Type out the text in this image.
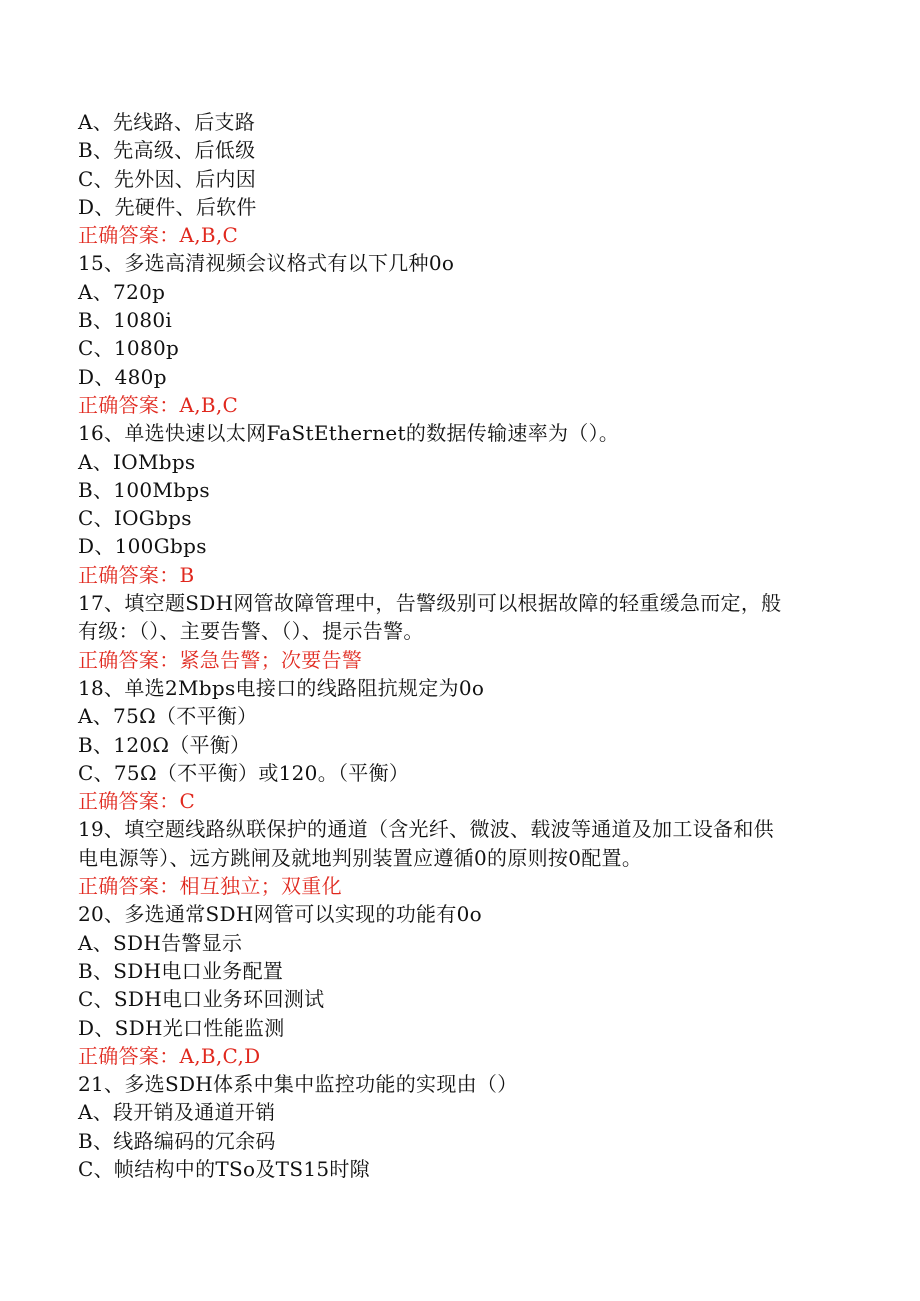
A、先线路、后支路
B、先高级、后低级
C、先外因、后内因
D、先硬件、后软件
正确答案：A,B,C
15、多选高清视频会议格式有以下几种0o
A、720p
B、1080i
C、1080p
D、480p
正确答案：A,B,C
16、单选快速以太网FaStEthernet的数据传输速率为（）。
A、IOMbps
B、100Mbps
C、IOGbps
D、100Gbps
正确答案：B
17、填空题SDH网管故障管理中，告警级别可以根据故障的轻重缓急而定，般
有级：（）、主要告警、（）、提示告警。
正确答案：紧急告警；次要告警
18、单选2Mbps电接口的线路阻抗规定为0o
A、75Ω（不平衡）
B、120Ω（平衡）
C、75Ω（不平衡）或120。（平衡）
正确答案：C
19、填空题线路纵联保护的通道（含光纤、微波、载波等通道及加工设备和供
电电源等）、远方跳闸及就地判别装置应遵循0的原则按0配置。
正确答案：相互独立；双重化
20、多选通常SDH网管可以实现的功能有0o
A、SDH告警显示
B、SDH电口业务配置
C、SDH电口业务环回测试
D、SDH光口性能监测
正确答案：A,B,C,D
21、多选SDH体系中集中监控功能的实现由（）
A、段开销及通道开销
B、线路编码的冗余码
C、帧结构中的TSo及TS15时隙
